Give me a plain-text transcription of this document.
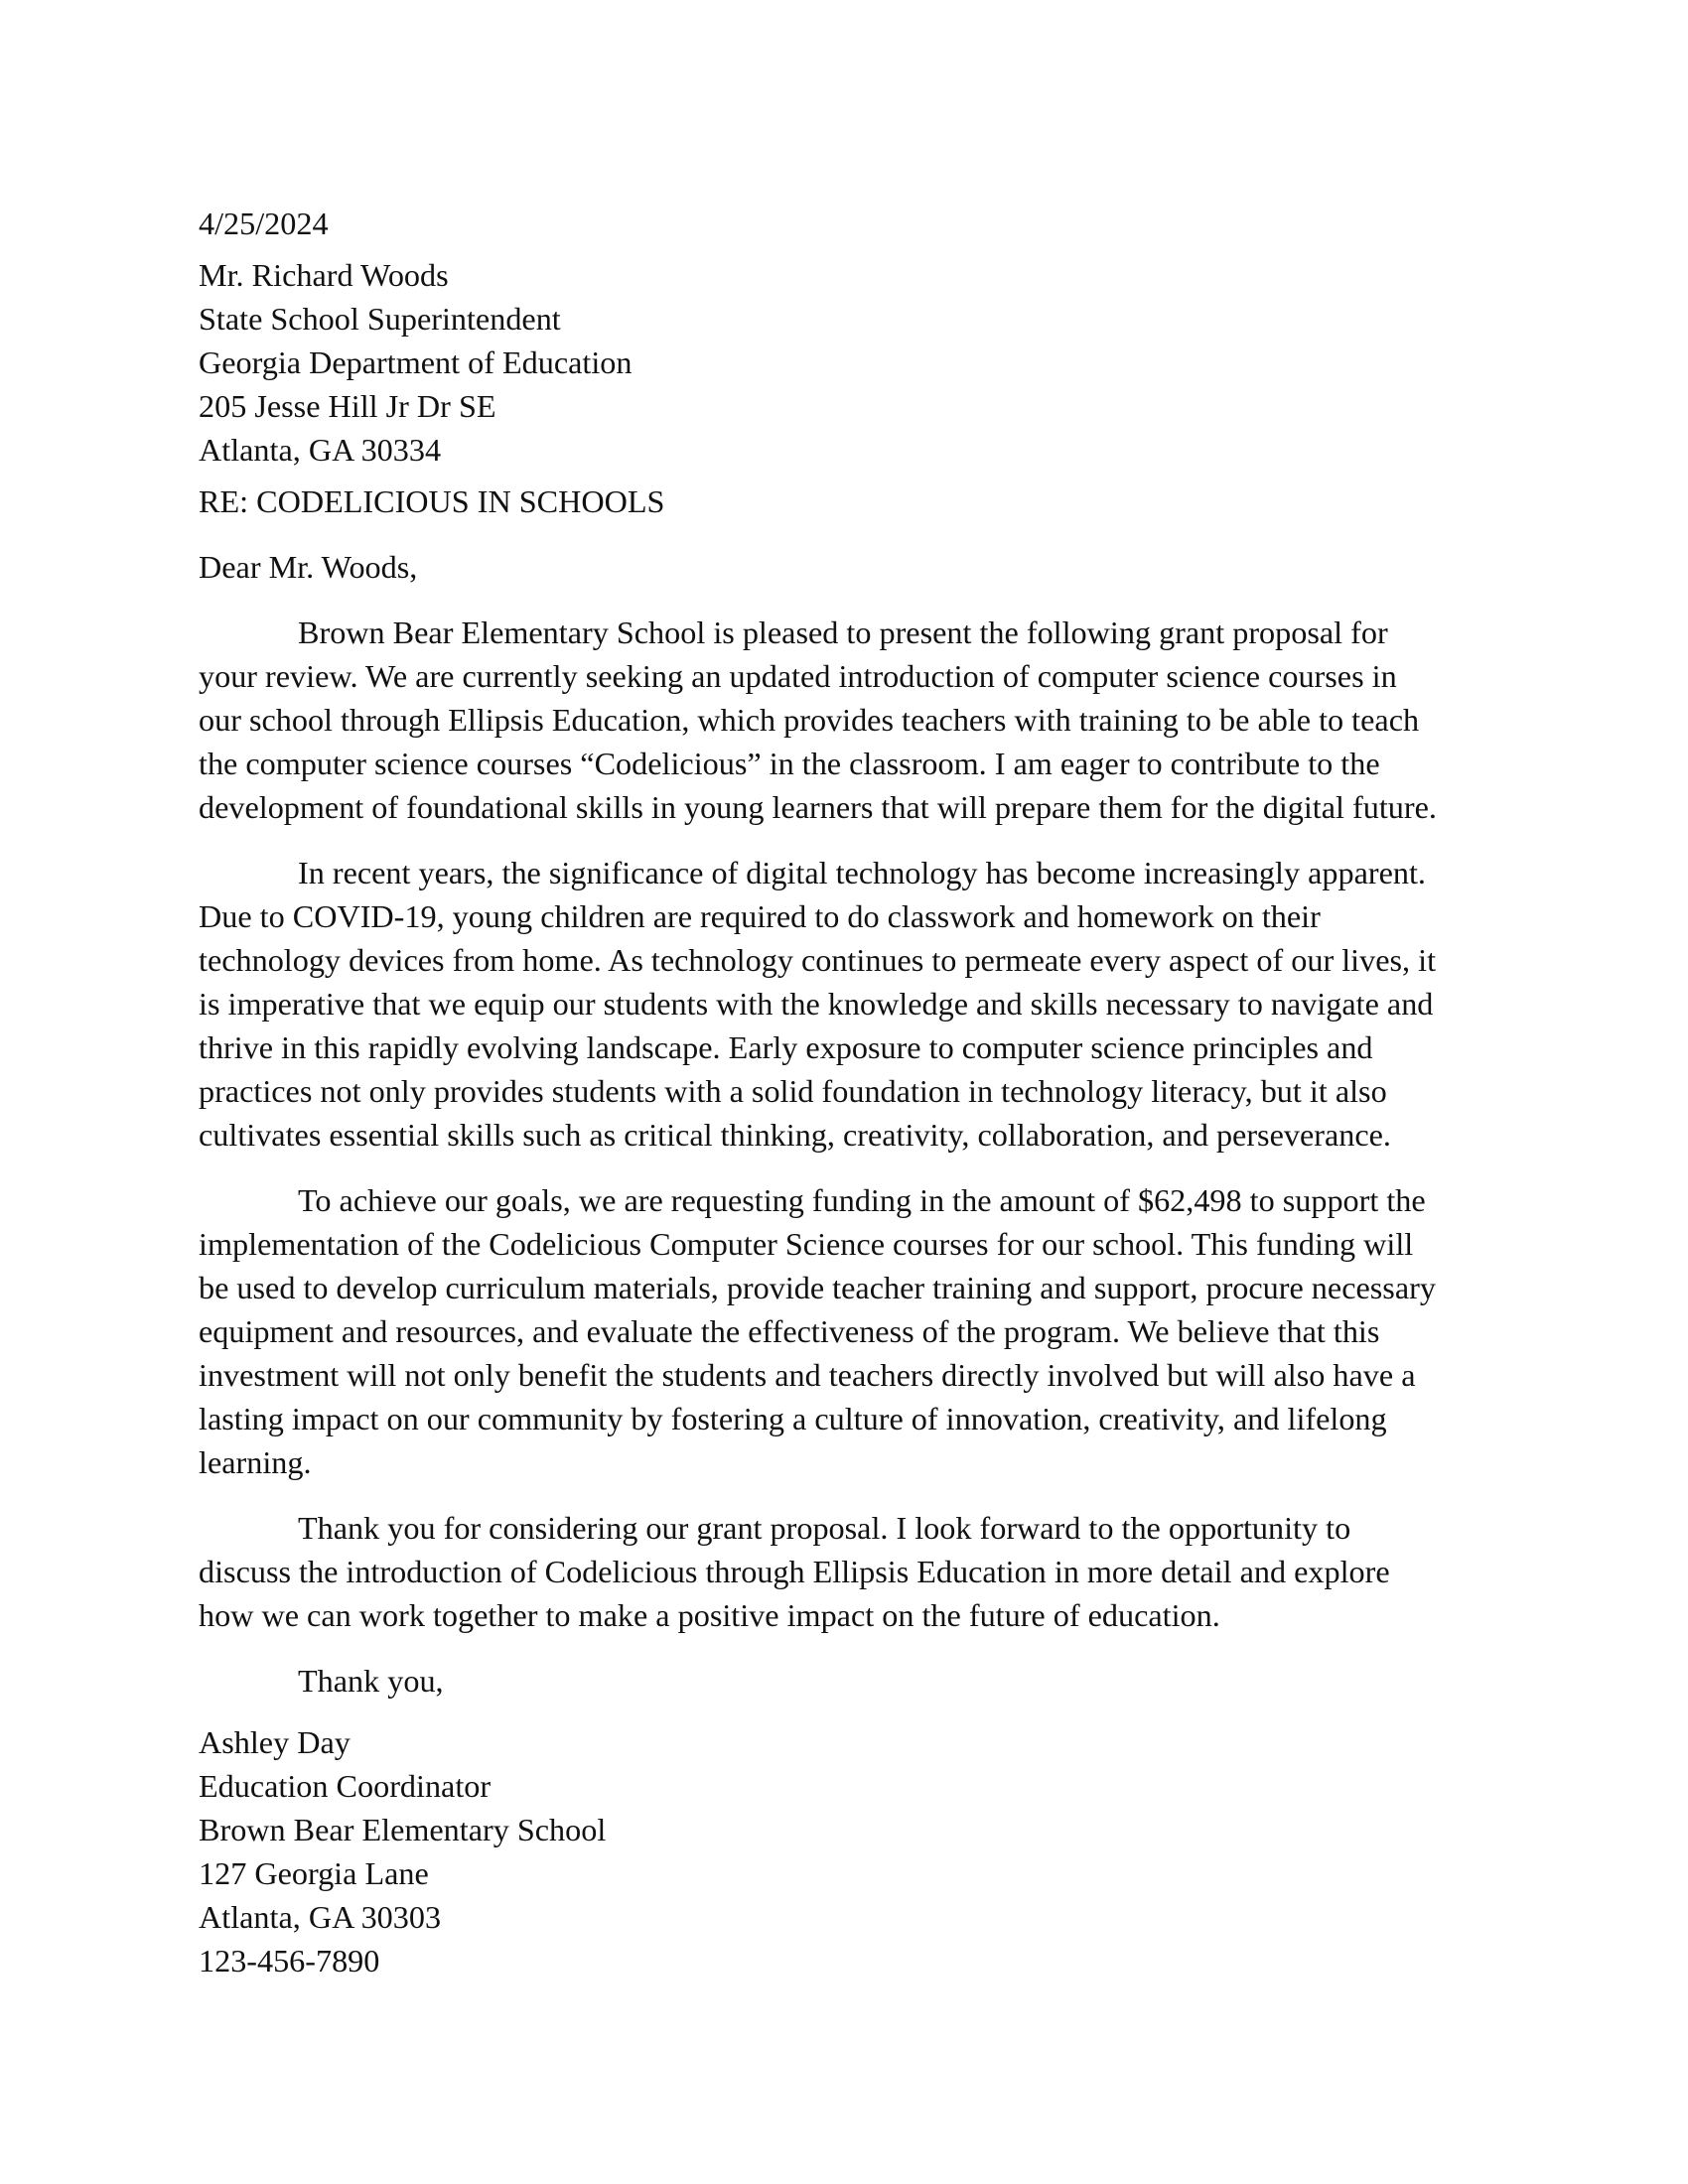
4/25/2024
Mr. Richard Woods
State School Superintendent
Georgia Department of Education
205 Jesse Hill Jr Dr SE
Atlanta, GA 30334
RE: CODELICIOUS IN SCHOOLS
Dear Mr. Woods,
Brown Bear Elementary School is pleased to present the following grant proposal for
your review. We are currently seeking an updated introduction of computer science courses in
our school through Ellipsis Education, which provides teachers with training to be able to teach
the computer science courses “Codelicious” in the classroom. I am eager to contribute to the
development of foundational skills in young learners that will prepare them for the digital future.
In recent years, the significance of digital technology has become increasingly apparent.
Due to COVID-19, young children are required to do classwork and homework on their
technology devices from home. As technology continues to permeate every aspect of our lives, it
is imperative that we equip our students with the knowledge and skills necessary to navigate and
thrive in this rapidly evolving landscape. Early exposure to computer science principles and
practices not only provides students with a solid foundation in technology literacy, but it also
cultivates essential skills such as critical thinking, creativity, collaboration, and perseverance.
To achieve our goals, we are requesting funding in the amount of $62,498 to support the
implementation of the Codelicious Computer Science courses for our school. This funding will
be used to develop curriculum materials, provide teacher training and support, procure necessary
equipment and resources, and evaluate the effectiveness of the program. We believe that this
investment will not only benefit the students and teachers directly involved but will also have a
lasting impact on our community by fostering a culture of innovation, creativity, and lifelong
learning.
Thank you for considering our grant proposal. I look forward to the opportunity to
discuss the introduction of Codelicious through Ellipsis Education in more detail and explore
how we can work together to make a positive impact on the future of education.
Thank you,
Ashley Day
Education Coordinator
Brown Bear Elementary School
127 Georgia Lane
Atlanta, GA 30303
123-456-7890
